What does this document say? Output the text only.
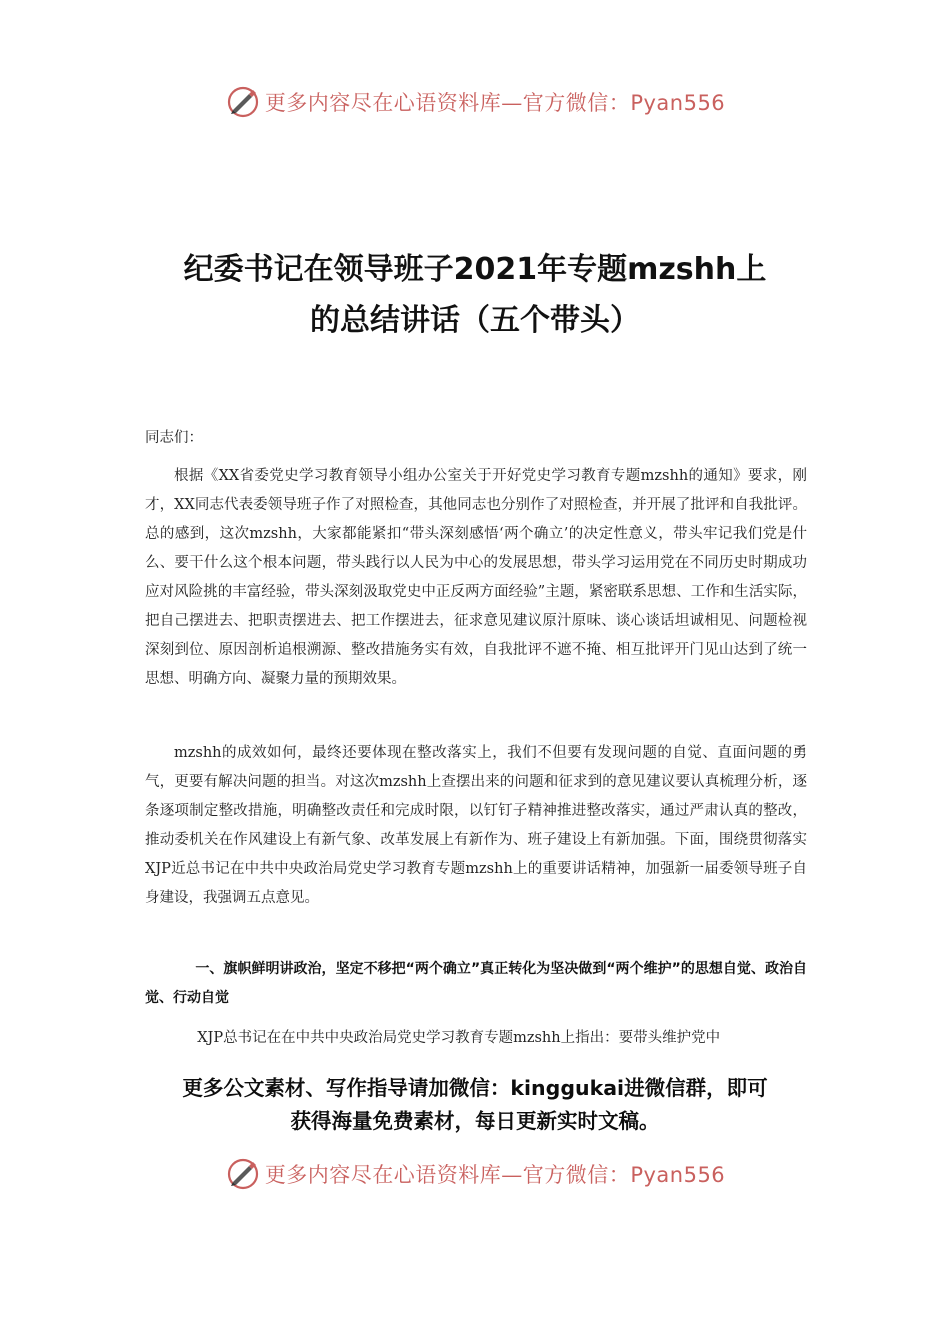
更多内容尽在心语资料库—官方微信：Pyan556
纪委书记在领导班子2021年专题mzshh上
的总结讲话（五个带头）
同志们：
根据《XX省委党史学习教育领导小组办公室关于开好党史学习教育专题mzshh的通知》要求，刚才，XX同志代表委领导班子作了对照检查，其他同志也分别作了对照检查，并开展了批评和自我批评。总的感到，这次mzshh，大家都能紧扣“带头深刻感悟‘两个确立’的决定性意义，带头牢记我们党是什么、要干什么这个根本问题，带头践行以人民为中心的发展思想，带头学习运用党在不同历史时期成功应对风险挑的丰富经验，带头深刻汲取党史中正反两方面经验”主题，紧密联系思想、工作和生活实际，把自己摆进去、把职责摆进去、把工作摆进去，征求意见建议原汁原味、谈心谈话坦诚相见、问题检视深刻到位、原因剖析追根溯源、整改措施务实有效，自我批评不遮不掩、相互批评开门见山达到了统一思想、明确方向、凝聚力量的预期效果。
mzshh的成效如何，最终还要体现在整改落实上，我们不但要有发现问题的自觉、直面问题的勇气，更要有解决问题的担当。对这次mzshh上查摆出来的问题和征求到的意见建议要认真梳理分析，逐条逐项制定整改措施，明确整改责任和完成时限，以钉钉子精神推进整改落实，通过严肃认真的整改，推动委机关在作风建设上有新气象、改革发展上有新作为、班子建设上有新加强。下面，围绕贯彻落实XJP近总书记在中共中央政治局党史学习教育专题mzshh上的重要讲话精神，加强新一届委领导班子自身建设，我强调五点意见。
一、旗帜鲜明讲政治，坚定不移把“两个确立”真正转化为坚决做到“两个维护”的思想自觉、政治自觉、行动自觉
XJP总书记在在中共中央政治局党史学习教育专题mzshh上指出：要带头维护党中
更多公文素材、写作指导请加微信：kinggukai进微信群，即可
获得海量免费素材，每日更新实时文稿。
更多内容尽在心语资料库—官方微信：Pyan556
